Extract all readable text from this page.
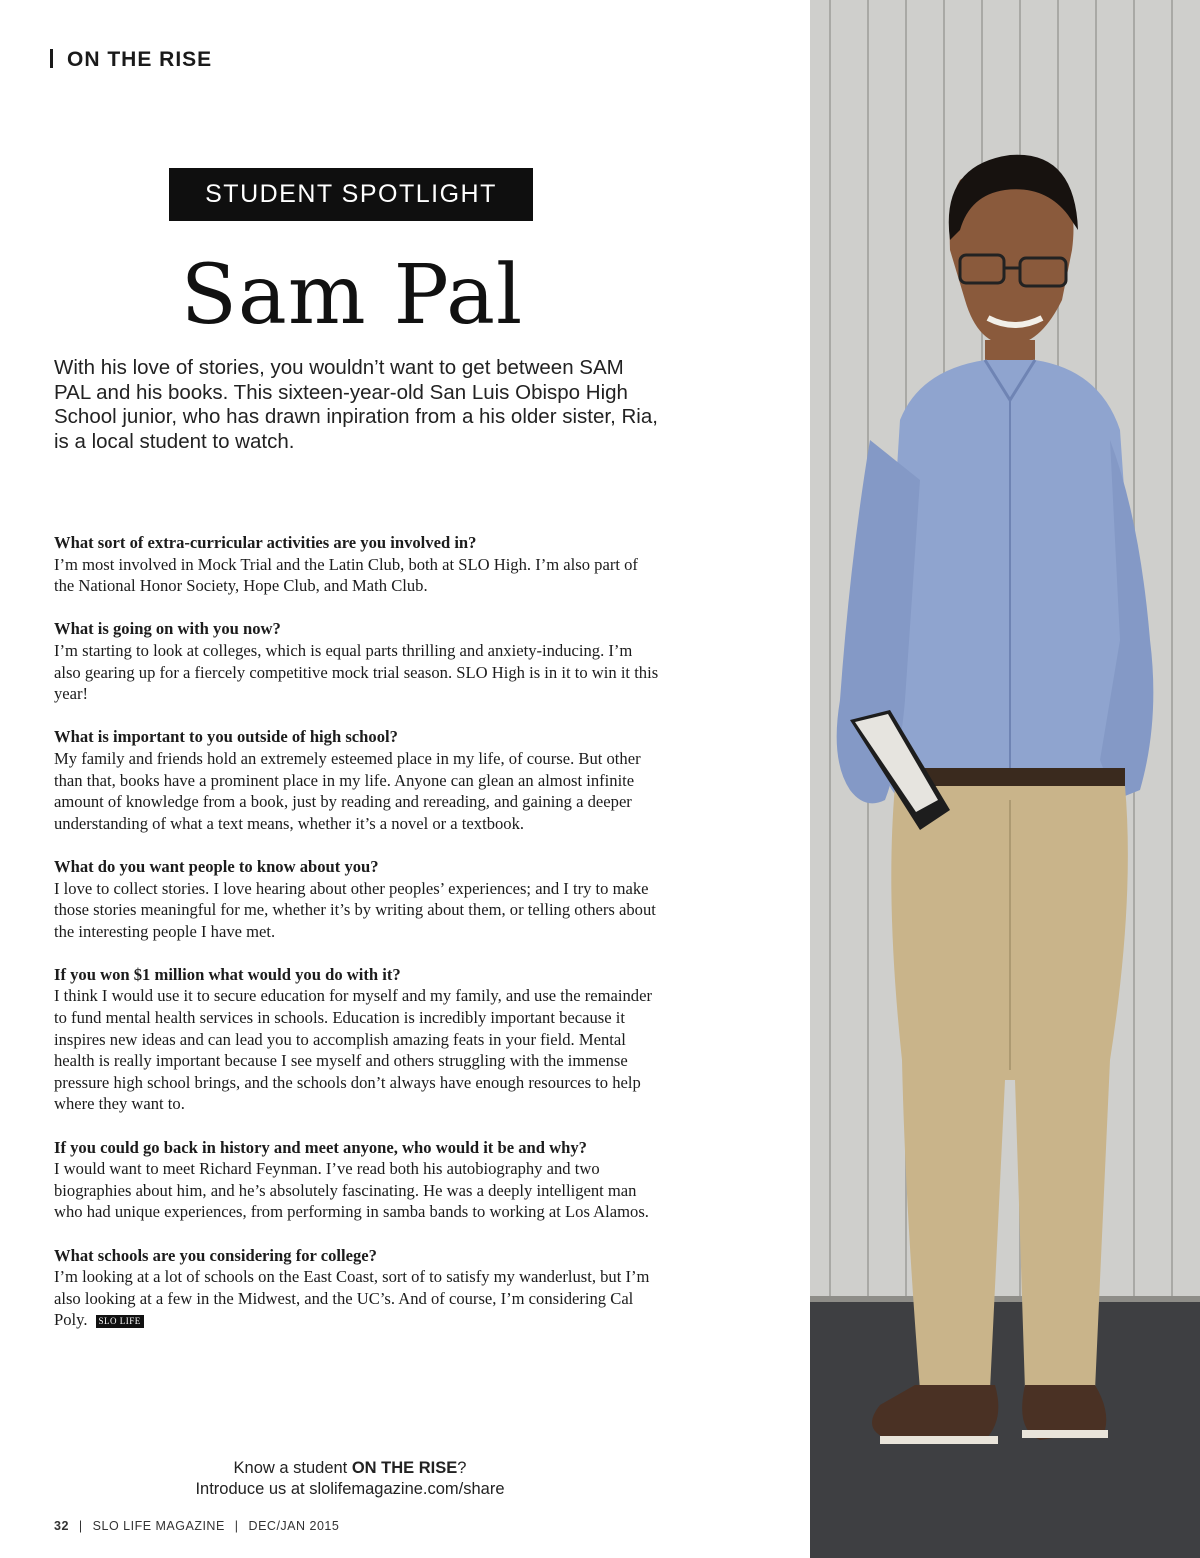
ON THE RISE
STUDENT SPOTLIGHT
Sam Pal

With his love of stories, you wouldn’t want to get between SAM PAL and his books. This sixteen-year-old San Luis Obispo High School junior, who has drawn inpiration from a his older sister, Ria, is a local student to watch.

What sort of extra-curricular activities are you involved in?
I’m most involved in Mock Trial and the Latin Club, both at SLO High. I’m also part of the National Honor Society, Hope Club, and Math Club.
What is going on with you now?
I’m starting to look at colleges, which is equal parts thrilling and anxiety-inducing. I’m also gearing up for a fiercely competitive mock trial season. SLO High is in it to win it this year!
What is important to you outside of high school?
My family and friends hold an extremely esteemed place in my life, of course. But other than that, books have a prominent place in my life. Anyone can glean an almost infinite amount of knowledge from a book, just by reading and rereading, and gaining a deeper understanding of what a text means, whether it’s a novel or a textbook.
What do you want people to know about you?
I love to collect stories. I love hearing about other peoples’ experiences; and I try to make those stories meaningful for me, whether it’s by writing about them, or telling others about the interesting people I have met.
If you won $1 million what would you do with it?
I think I would use it to secure education for myself and my family, and use the remainder to fund mental health services in schools. Education is incredibly important because it inspires new ideas and can lead you to accomplish amazing feats in your field. Mental health is really important because I see myself and others struggling with the immense pressure high school brings, and the schools don’t always have enough resources to help where they want to.
If you could go back in history and meet anyone, who would it be and why?
I would want to meet Richard Feynman. I’ve read both his autobiography and two biographies about him, and he’s absolutely fascinating. He was a deeply intelligent man who had unique experiences, from performing in samba bands to working at Los Alamos.
What schools are you considering for college?
I’m looking at a lot of schools on the East Coast, sort of to satisfy my wanderlust, but I’m also looking at a few in the Midwest, and the UC’s. And of course, I’m considering Cal Poly. SLO LIFE
Know a student ON THE RISE?
Introduce us at slolifemagazine.com/share
32 | SLO LIFE MAGAZINE | DEC/JAN 2015
